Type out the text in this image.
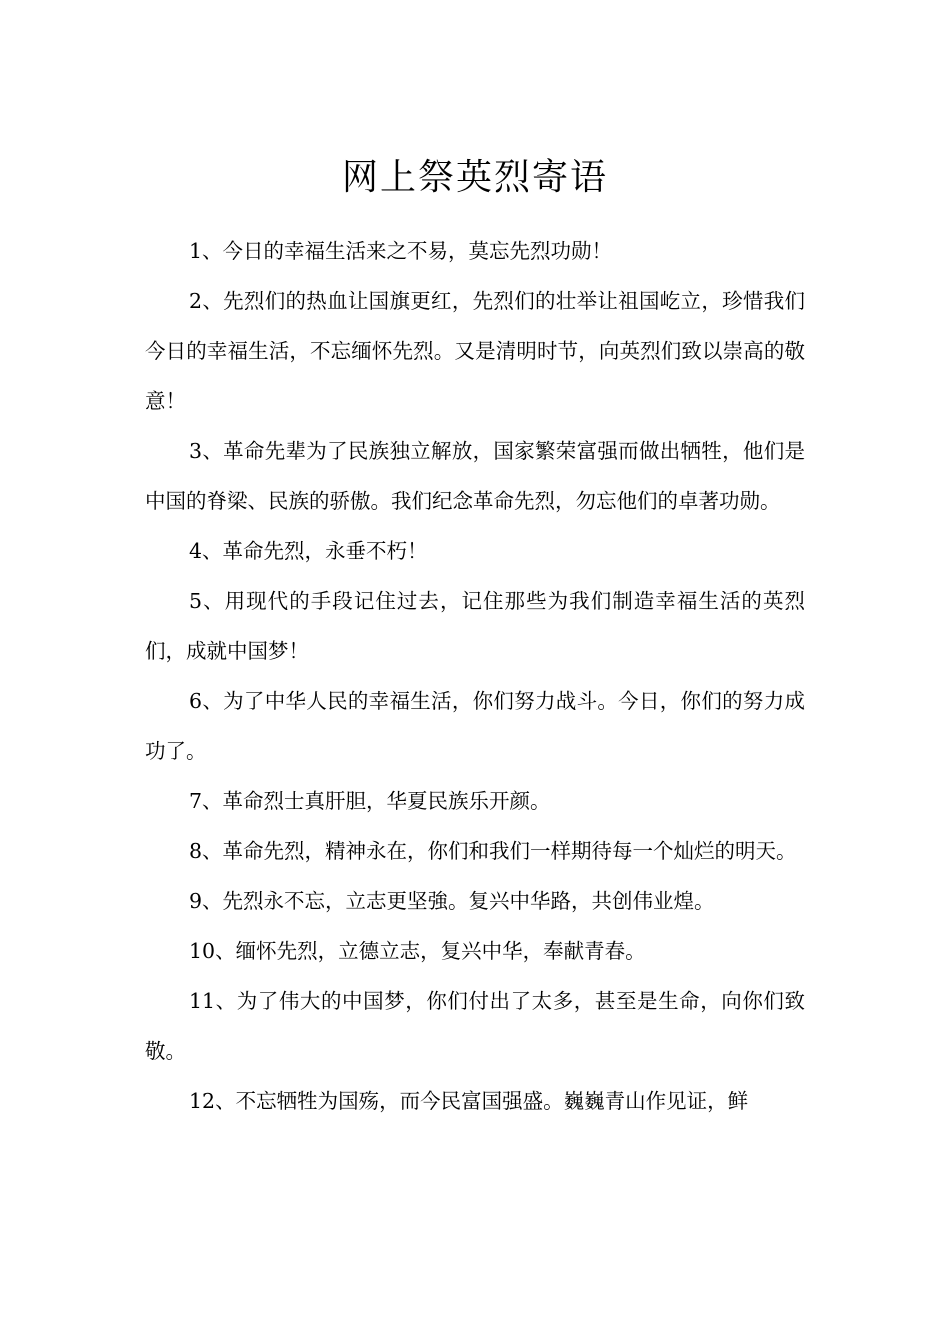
网上祭英烈寄语

1、今日的幸福生活来之不易，莫忘先烈功勋！

2、先烈们的热血让国旗更红，先烈们的壮举让祖国屹立，珍惜我们今日的幸福生活，不忘缅怀先烈。又是清明时节，向英烈们致以崇高的敬意！

3、革命先辈为了民族独立解放，国家繁荣富强而做出牺牲，他们是中国的脊梁、民族的骄傲。我们纪念革命先烈，勿忘他们的卓著功勋。

4、革命先烈，永垂不朽！

5、用现代的手段记住过去，记住那些为我们制造幸福生活的英烈们，成就中国梦！

6、为了中华人民的幸福生活，你们努力战斗。今日，你们的努力成功了。

7、革命烈士真肝胆，华夏民族乐开颜。

8、革命先烈，精神永在，你们和我们一样期待每一个灿烂的明天。

9、先烈永不忘，立志更坚強。复兴中华路，共创伟业煌。

10、缅怀先烈，立德立志，复兴中华，奉献青春。

11、为了伟大的中国梦，你们付出了太多，甚至是生命，向你们致敬。

12、不忘牺牲为国殇，而今民富国强盛。巍巍青山作见证，鲜
